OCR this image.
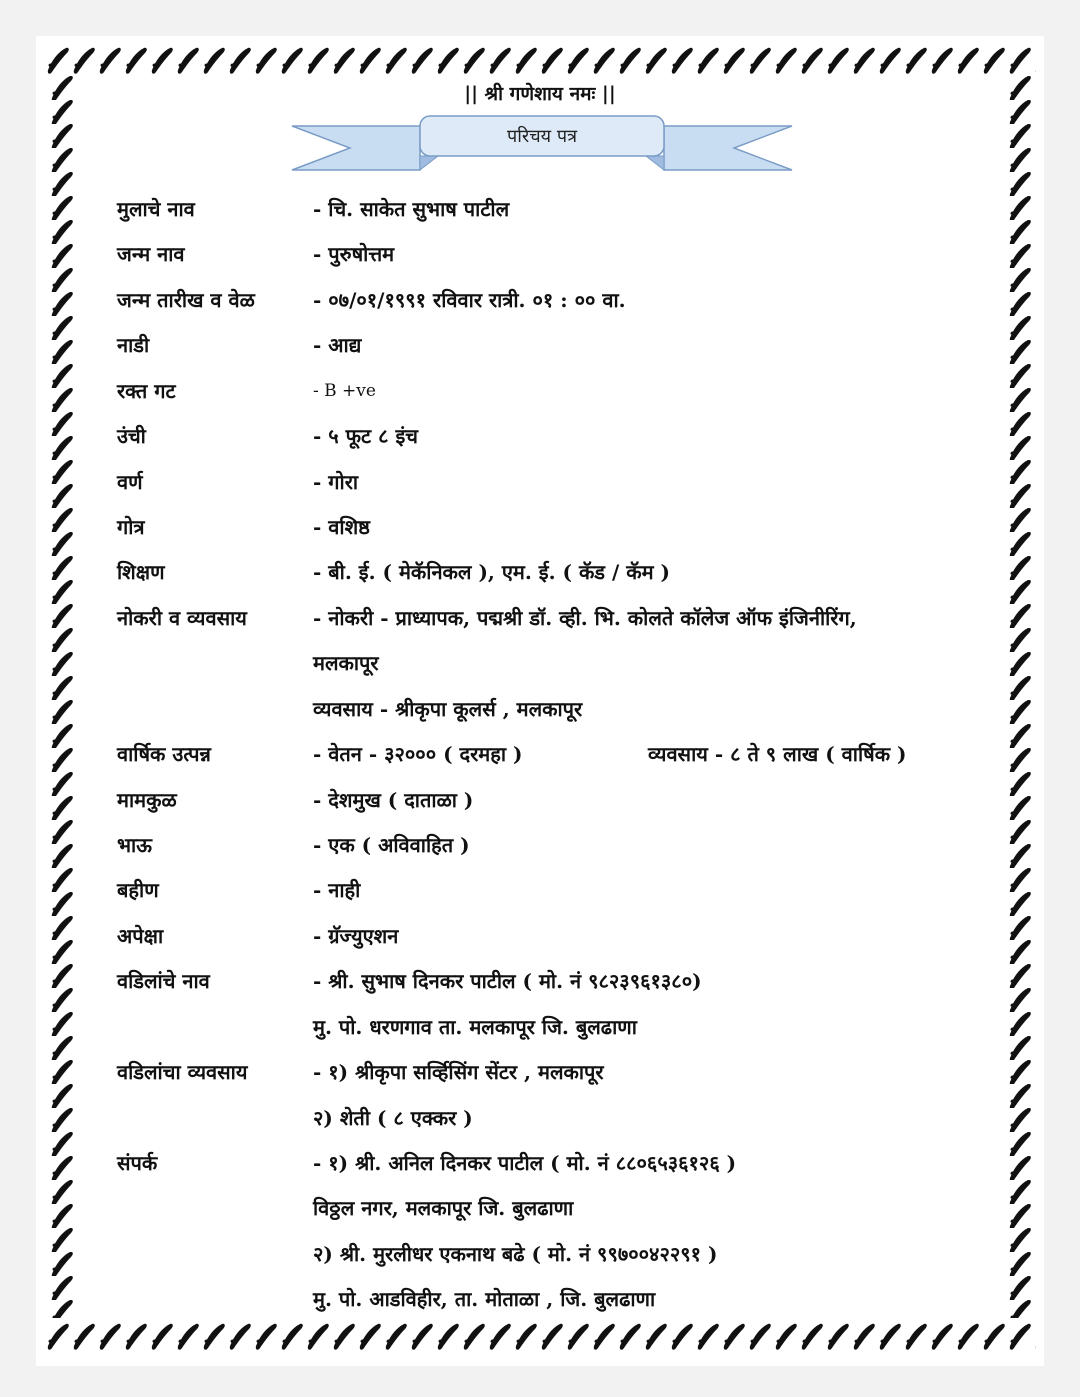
|| श्री गणेशाय नमः ||
परिचय पत्र
मुलाचे नाव	- चि. साकेत सुभाष पाटील
जन्म नाव	- पुरुषोत्तम
जन्म तारीख व वेळ	- ०७/०१/१९९१ रविवार रात्री. ०१ : ०० वा.
नाडी	- आद्य
रक्त गट	- B +ve
उंची	- ५ फूट ८ इंच
वर्ण	- गोरा
गोत्र	- वशिष्ठ
शिक्षण	- बी. ई. ( मेकॅनिकल ), एम. ई. ( कॅड / कॅम )
नोकरी व व्यवसाय	- नोकरी - प्राध्यापक, पद्मश्री डॉ. व्ही. भि. कोलते कॉलेज ऑफ इंजिनीरिंग,
मलकापूर
व्यवसाय - श्रीकृपा कूलर्स , मलकापूर
वार्षिक उत्पन्न	- वेतन - ३२००० ( दरमहा )	व्यवसाय - ८ ते ९ लाख ( वार्षिक )
मामकुळ	- देशमुख ( दाताळा )
भाऊ	- एक ( अविवाहित )
बहीण	- नाही
अपेक्षा	- ग्रॅज्युएशन
वडिलांचे नाव	- श्री. सुभाष दिनकर पाटील ( मो. नं ९८२३९६१३८०)
मु. पो. धरणगाव ता. मलकापूर जि. बुलढाणा
वडिलांचा व्यवसाय	- १) श्रीकृपा सर्व्हिसिंग सेंटर , मलकापूर
२) शेती ( ८ एक्कर )
संपर्क	- १) श्री. अनिल दिनकर पाटील ( मो. नं ८८०६५३६१२६ )
विठ्ठल नगर, मलकापूर जि. बुलढाणा
२) श्री. मुरलीधर एकनाथ बढे ( मो. नं ९९७००४२२९१ )
मु. पो. आडविहीर, ता. मोताळा , जि. बुलढाणा
